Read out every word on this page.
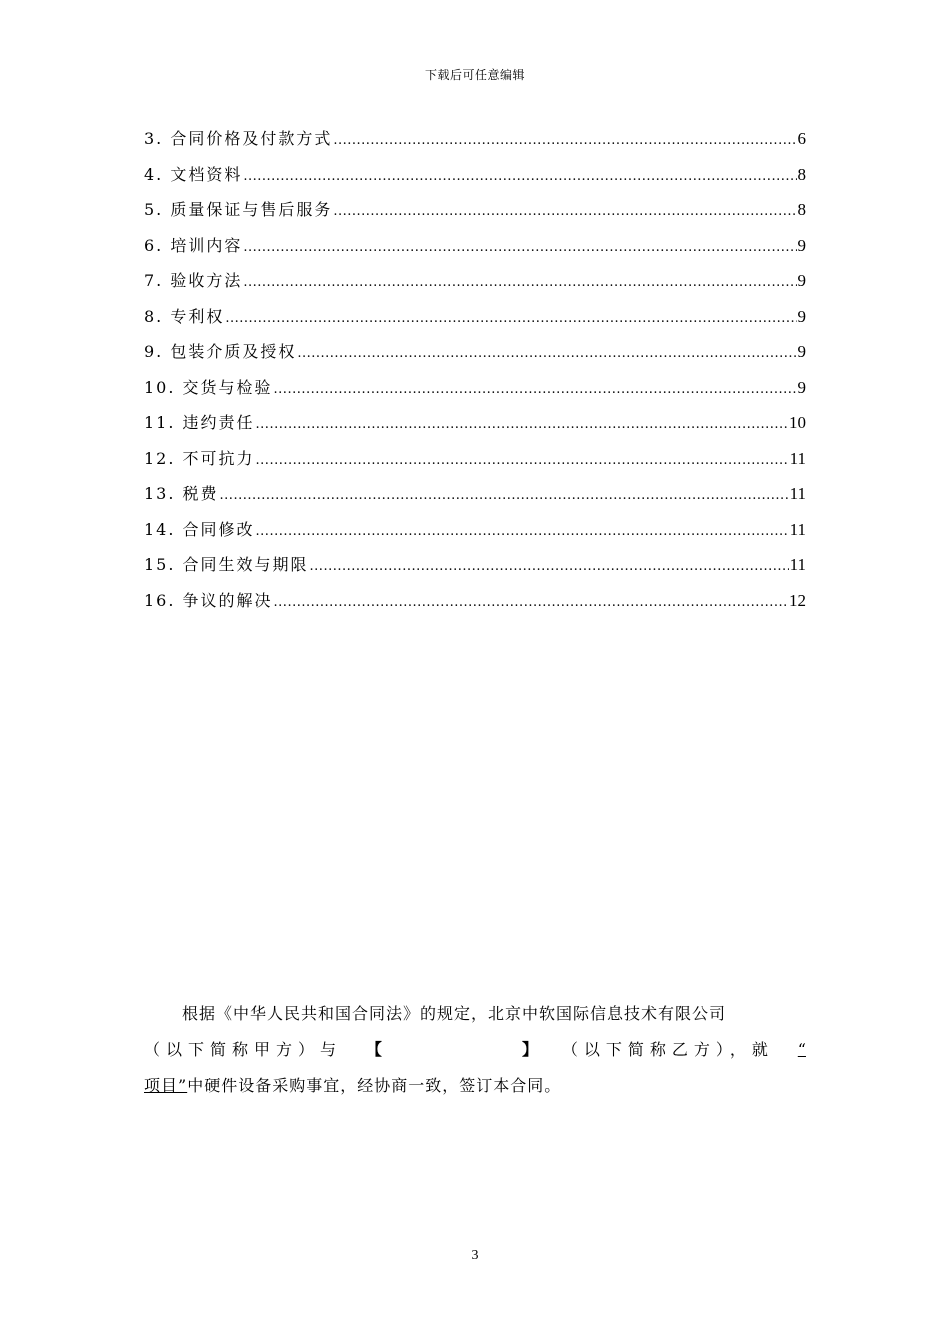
下载后可任意编辑
3. 合同价格及付款方式 .....	6
4. 文档资料 .....	8
5. 质量保证与售后服务 .....	8
6. 培训内容 .....	9
7. 验收方法 .....	9
8. 专利权 .....	9
9. 包装介质及授权 .....	9
10. 交货与检验 .....	9
11. 违约责任 .....	10
12. 不可抗力 .....	11
13. 税费 .....	11
14. 合同修改 .....	11
15. 合同生效与期限 .....	11
16. 争议的解决 .....	12
根据《中华人民共和国合同法》的规定，北京中软国际信息技术有限公司
（以下简称甲方）与 【	】 （以下简称乙方），就 “
项目”中硬件设备采购事宜，经协商一致，签订本合同。
3
